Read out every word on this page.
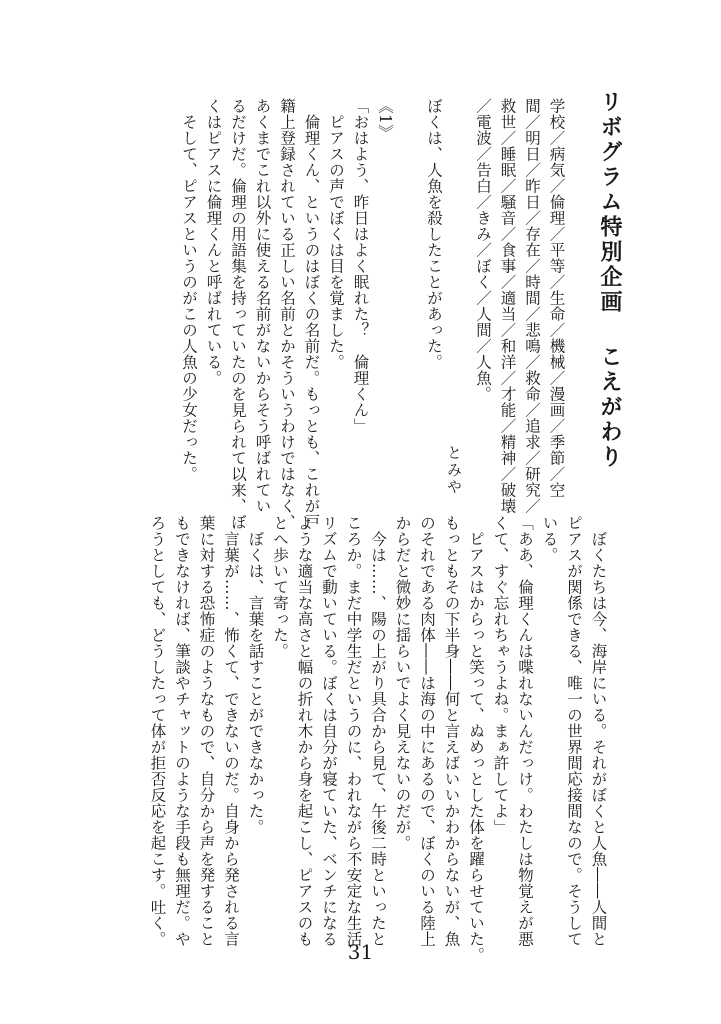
リボグラム特別企画こえがわり
とみや	学校／病気／倫理／平等／生命／機械／漫画／季節／空
間／明日／昨日／存在／時間／悲鳴／救命／追求／研究／
救世／睡眠／騒音／食事／適当／和洋／才能／精神／破壊
／電波／告白／きみ／ぼく／人間／人魚。
ぼくは、人魚を殺したことがあった。
《1》
「おはよう、昨日はよく眠れた？　倫理くん」
　ピアスの声でぼくは目を覚ました。
　倫理くん、というのはぼくの名前だ。もっとも、これが戸
籍上登録されている正しい名前とかそういうわけではなく、
あくまでこれ以外に使える名前がないからそう呼ばれてい
るだけだ。倫理の用語集を持っていたのを見られて以来、ぼ
くはピアスに倫理くんと呼ばれている。
　そして、ピアスというのがこの人魚の少女だった。
　ぼくたちは今、海岸にいる。それがぼくと人魚――人間と
ピアスが関係できる、唯一の世界間応接間なので。そうして
いる。
「ああ、倫理くんは喋れないんだっけ。わたしは物覚えが悪
くて、すぐ忘れちゃうよね。まぁ許してよ」
　ピアスはからっと笑って、ぬめっとした体を躍らせていた。
もっともその下半身――何と言えばいいかわからないが、魚
のそれである肉体――は海の中にあるので、ぼくのいる陸上
からだと微妙に揺らいでよく見えないのだが。
　今は……、陽の上がり具合から見て、午後二時といったと
ころか。まだ中学生だというのに、われながら不安定な生活
リズムで動いている。ぼくは自分が寝ていた、ベンチになる
ような適当な高さと幅の折れ木から身を起こし、ピアスのも
とへ歩いて寄った。
　ぼくは、言葉を話すことができなかった。
　言葉が……、怖くて、できないのだ。自身から発される言
葉に対する恐怖症のようなもので、自分から声を発すること
もできなければ、筆談やチャットのような手段も無理だ。や
ろうとしても、どうしたって体が拒否反応を起こす。吐く。
31
